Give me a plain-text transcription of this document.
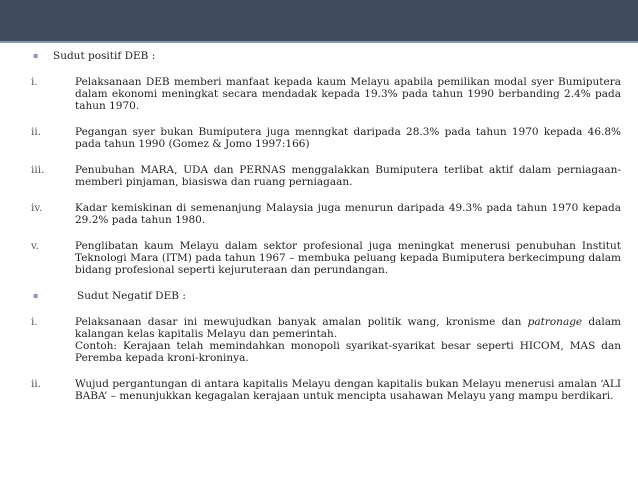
▪	Sudut positif DEB :
i.	Pelaksanaan DEB memberi manfaat kepada kaum Melayu apabila pemilikan modal syer Bumiputera dalam ekonomi meningkat secara mendadak kepada 19.3% pada tahun 1990 berbanding 2.4% pada tahun 1970.
ii.	Pegangan syer bukan Bumiputera juga menngkat daripada 28.3% pada tahun 1970 kepada 46.8% pada tahun 1990 (Gomez & Jomo 1997:166)
iii.	Penubuhan MARA, UDA dan PERNAS menggalakkan Bumiputera terlibat aktif dalam perniagaan- memberi pinjaman, biasiswa dan ruang perniagaan.
iv.	Kadar kemiskinan di semenanjung Malaysia juga menurun daripada 49.3% pada tahun 1970 kepada 29.2% pada tahun 1980.
v.	Penglibatan kaum Melayu dalam sektor profesional juga meningkat menerusi penubuhan Institut Teknologi Mara (ITM) pada tahun 1967 – membuka peluang kepada Bumiputera berkecimpung dalam bidang profesional seperti kejuruteraan dan perundangan.
▪	Sudut Negatif DEB :
i.	Pelaksanaan dasar ini mewujudkan banyak amalan politik wang, kronisme dan patronage dalam kalangan kelas kapitalis Melayu dan pemerintah.

Contoh: Kerajaan telah memindahkan monopoli syarikat-syarikat besar seperti HICOM, MAS dan Peremba kepada kroni-kroninya.

ii.	Wujud pergantungan di antara kapitalis Melayu dengan kapitalis bukan Melayu menerusi amalan ‘ALI BABA’ – menunjukkan kegagalan kerajaan untuk mencipta usahawan Melayu yang mampu berdikari.
